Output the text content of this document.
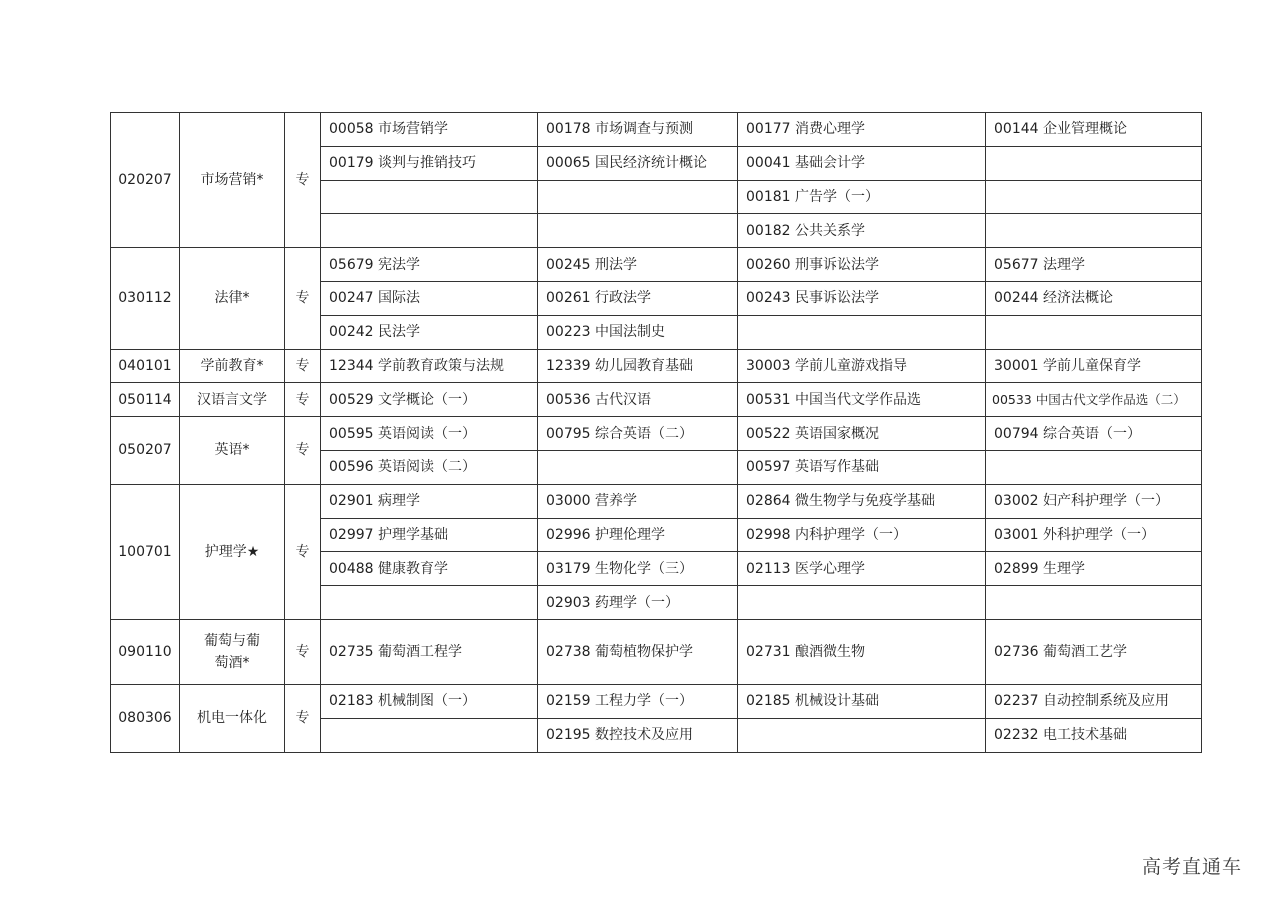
020207	市场营销*	专	00058 市场营销学	00178 市场调查与预测	00177 消费心理学	00144 企业管理概论
			00179 谈判与推销技巧	00065 国民经济统计概论	00041 基础会计学	
					00181 广告学（一）	
					00182 公共关系学	
030112	法律*	专	05679 宪法学	00245 刑法学	00260 刑事诉讼法学	05677 法理学
			00247 国际法	00261 行政法学	00243 民事诉讼法学	00244 经济法概论
			00242 民法学	00223 中国法制史		
040101	学前教育*	专	12344 学前教育政策与法规	12339 幼儿园教育基础	30003 学前儿童游戏指导	30001 学前儿童保育学
050114	汉语言文学	专	00529 文学概论（一）	00536 古代汉语	00531 中国当代文学作品选	00533 中国古代文学作品选（二）
050207	英语*	专	00595 英语阅读（一）	00795 综合英语（二）	00522 英语国家概况	00794 综合英语（一）
			00596 英语阅读（二）		00597 英语写作基础	
100701	护理学★	专	02901 病理学	03000 营养学	02864 微生物学与免疫学基础	03002 妇产科护理学（一）
			02997 护理学基础	02996 护理伦理学	02998 内科护理学（一）	03001 外科护理学（一）
			00488 健康教育学	03179 生物化学（三）	02113 医学心理学	02899 生理学
				02903 药理学（一）		
090110	葡萄与葡萄酒*	专	02735 葡萄酒工程学	02738 葡萄植物保护学	02731 酿酒微生物	02736 葡萄酒工艺学
080306	机电一体化	专	02183 机械制图（一）	02159 工程力学（一）	02185 机械设计基础	02237 自动控制系统及应用
				02195 数控技术及应用		02232 电工技术基础
高考直通车
